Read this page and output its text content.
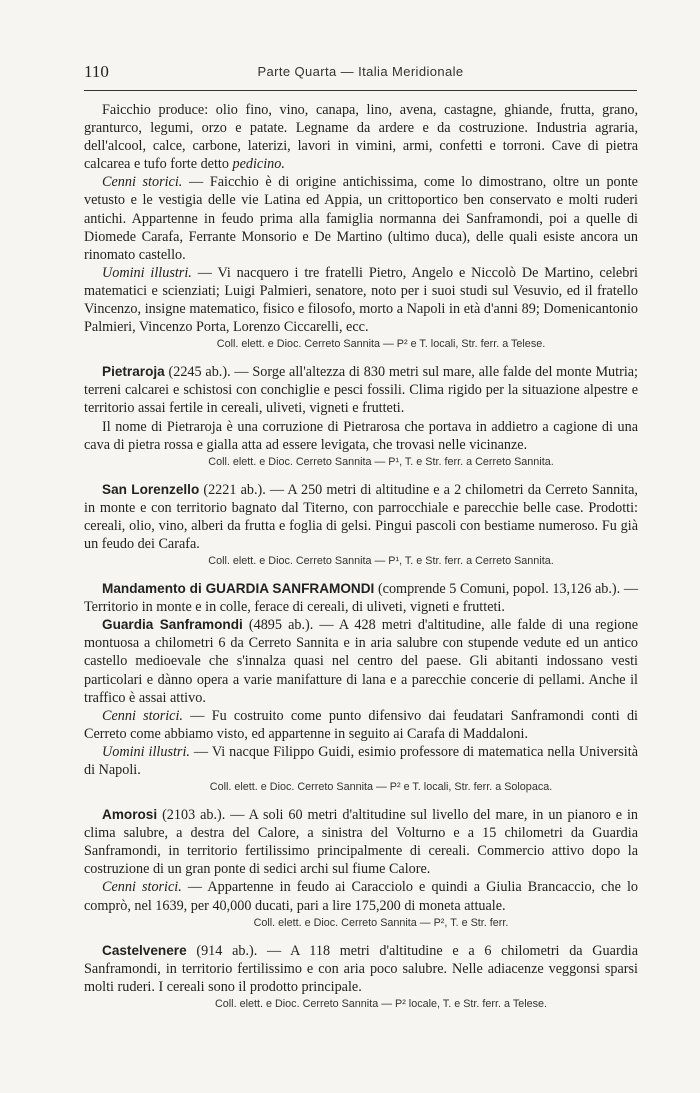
110	Parte Quarta — Italia Meridionale

Faicchio produce: olio fino, vino, canapa, lino, avena, castagne, ghiande, frutta, grano, granturco, legumi, orzo e patate. Legname da ardere e da costruzione. Industria agraria, dell'alcool, calce, carbone, laterizi, lavori in vimini, armi, confetti e torroni. Cave di pietra calcarea e tufo forte detto pedicino.

Cenni storici. — Faicchio è di origine antichissima, come lo dimostrano, oltre un ponte vetusto e le vestigia delle vie Latina ed Appia, un crittoportico ben conservato e molti ruderi antichi. Appartenne in feudo prima alla famiglia normanna dei Sanframondi, poi a quelle di Diomede Carafa, Ferrante Monsorio e De Martino (ultimo duca), delle quali esiste ancora un rinomato castello.

Uomini illustri. — Vi nacquero i tre fratelli Pietro, Angelo e Niccolò De Martino, celebri matematici e scienziati; Luigi Palmieri, senatore, noto per i suoi studi sul Vesuvio, ed il fratello Vincenzo, insigne matematico, fisico e filosofo, morto a Napoli in età d'anni 89; Domenicantonio Palmieri, Vincenzo Porta, Lorenzo Ciccarelli, ecc.

Coll. elett. e Dioc. Cerreto Sannita — P² e T. locali, Str. ferr. a Telese.

Pietraroja (2245 ab.). — Sorge all'altezza di 830 metri sul mare, alle falde del monte Mutria; terreni calcarei e schistosi con conchiglie e pesci fossili. Clima rigido per la situazione alpestre e territorio assai fertile in cereali, uliveti, vigneti e frutteti.

Il nome di Pietraroja è una corruzione di Pietrarosa che portava in addietro a cagione di una cava di pietra rossa e gialla atta ad essere levigata, che trovasi nelle vicinanze.

Coll. elett. e Dioc. Cerreto Sannita — P¹, T. e Str. ferr. a Cerreto Sannita.

San Lorenzello (2221 ab.). — A 250 metri di altitudine e a 2 chilometri da Cerreto Sannita, in monte e con territorio bagnato dal Titerno, con parrocchiale e parecchie belle case. Prodotti: cereali, olio, vino, alberi da frutta e foglia di gelsi. Pingui pascoli con bestiame numeroso. Fu già un feudo dei Carafa.

Coll. elett. e Dioc. Cerreto Sannita — P¹, T. e Str. ferr. a Cerreto Sannita.

Mandamento di GUARDIA SANFRAMONDI (comprende 5 Comuni, popol. 13,126 ab.). — Territorio in monte e in colle, ferace di cereali, di uliveti, vigneti e frutteti.

Guardia Sanframondi (4895 ab.). — A 428 metri d'altitudine, alle falde di una regione montuosa a chilometri 6 da Cerreto Sannita e in aria salubre con stupende vedute ed un antico castello medioevale che s'innalza quasi nel centro del paese. Gli abitanti indossano vesti particolari e dànno opera a varie manifatture di lana e a parecchie concerie di pellami. Anche il traffico è assai attivo.

Cenni storici. — Fu costruito come punto difensivo dai feudatari Sanframondi conti di Cerreto come abbiamo visto, ed appartenne in seguito ai Carafa di Maddaloni.

Uomini illustri. — Vi nacque Filippo Guidi, esimio professore di matematica nella Università di Napoli.

Coll. elett. e Dioc. Cerreto Sannita — P² e T. locali, Str. ferr. a Solopaca.

Amorosi (2103 ab.). — A soli 60 metri d'altitudine sul livello del mare, in un pianoro e in clima salubre, a destra del Calore, a sinistra del Volturno e a 15 chilometri da Guardia Sanframondi, in territorio fertilissimo principalmente di cereali. Commercio attivo dopo la costruzione di un gran ponte di sedici archi sul fiume Calore.

Cenni storici. — Appartenne in feudo ai Caracciolo e quindi a Giulia Brancaccio, che lo comprò, nel 1639, per 40,000 ducati, pari a lire 175,200 di moneta attuale.

Coll. elett. e Dioc. Cerreto Sannita — P², T. e Str. ferr.

Castelvenere (914 ab.). — A 118 metri d'altitudine e a 6 chilometri da Guardia Sanframondi, in territorio fertilissimo e con aria poco salubre. Nelle adiacenze veggonsi sparsi molti ruderi. I cereali sono il prodotto principale.

Coll. elett. e Dioc. Cerreto Sannita — P² locale, T. e Str. ferr. a Telese.
